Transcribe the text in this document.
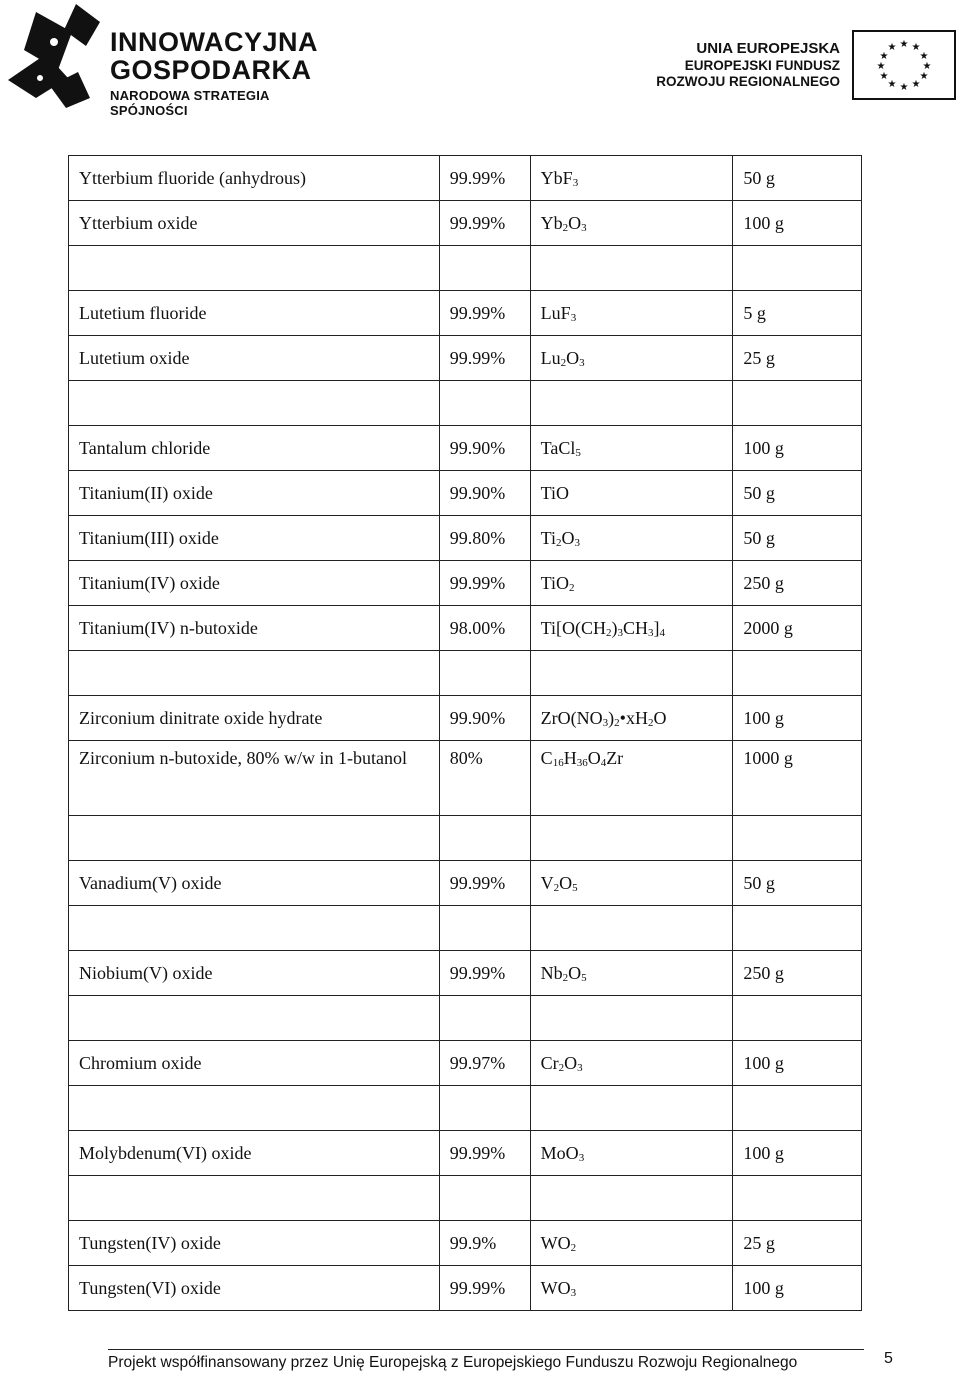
INNOWACYJNA
GOSPODARKA
NARODOWA STRATEGIA SPÓJNOŚCI
UNIA EUROPEJSKA
EUROPEJSKI FUNDUSZ
ROZWOJU REGIONALNEGO
★ ★
★
★
★
★
★
★
★
★
★
★
Ytterbium fluoride (anhydrous)	99.99%	YbF$_3$	50 g
Ytterbium oxide	99.99%	$Yb_2O_3$	100 g

Lutetium fluoride	99.99%	LuF$_3$	5 g
Lutetium oxide	99.99%	$Lu_2O_3$	25 g

Tantalum chloride	99.90%	TaCl$_5$	100 g
Titanium(II) oxide	99.90%	TiO	50 g
Titanium(III) oxide	99.80%	$Ti_2O_3$	50 g
Titanium(IV) oxide	99.99%	TiO$_2$	250 g
Titanium(IV) n-butoxide	98.00%	$Ti[O(CH_2)_3CH_3]_4$	2000 g

Zirconium dinitrate oxide hydrate	99.90%	$ZrO(NO_3)_2•xH_2O$	100 g
Zirconium n-butoxide, 80% w/w in 1-butanol	80%	$C_{16}H_{36}O_4Zr$	1000 g

Vanadium(V) oxide	99.99%	$V_2O_5$	50 g

Niobium(V) oxide	99.99%	$Nb_2O_5$	250 g

Chromium oxide	99.97%	$Cr_2O_3$	100 g

Molybdenum(VI) oxide	99.99%	MoO$_3$	100 g

Tungsten(IV) oxide	99.9%	$WO_2$	25 g
Tungsten(VI) oxide	99.99%	$WO_3$	100 g
Projekt współfinansowany przez Unię Europejską z Europejskiego Funduszu Rozwoju Regionalnego	5
